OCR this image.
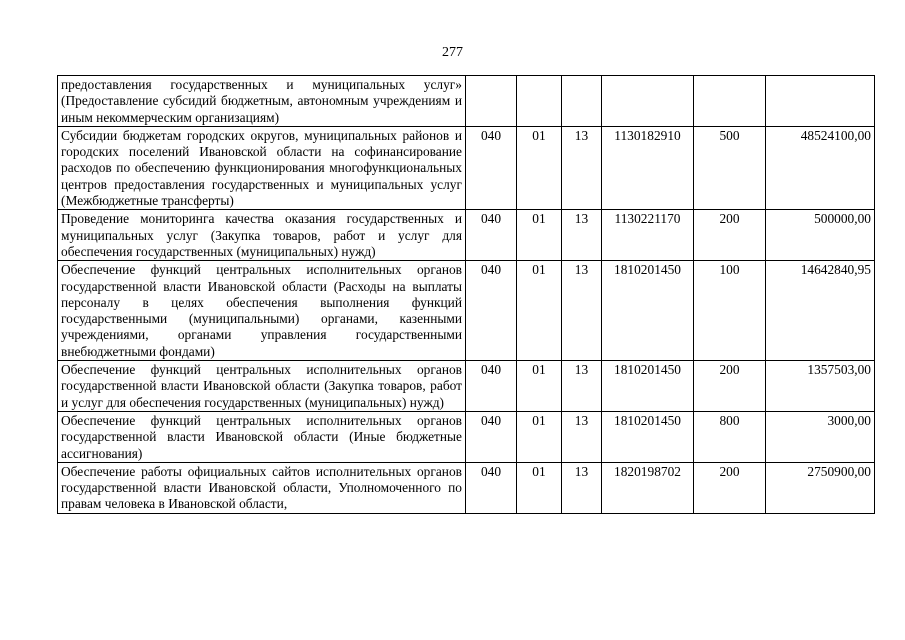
277
предоставления государственных и муниципальных услуг» (Предоставление субсидий бюджетным, автономным учреждениям и иным некоммерческим организациям)						
Субсидии бюджетам городских округов, муниципальных районов и городских поселений Ивановской области на софинансирование расходов по обеспечению функционирования многофункциональных центров предоставления государственных и муниципальных услуг (Межбюджетные трансферты)	040	01	13	1130182910	500	48524100,00
Проведение мониторинга качества оказания государственных и муниципальных услуг (Закупка товаров, работ и услуг для обеспечения государственных (муниципальных) нужд)	040	01	13	1130221170	200	500000,00
Обеспечение функций центральных исполнительных органов государственной власти Ивановской области (Расходы на выплаты персоналу в целях обеспечения выполнения функций государственными (муниципальными) органами, казенными учреждениями, органами управления государственными внебюджетными фондами)	040	01	13	1810201450	100	14642840,95
Обеспечение функций центральных исполнительных органов государственной власти Ивановской области (Закупка товаров, работ и услуг для обеспечения государственных (муниципальных) нужд)	040	01	13	1810201450	200	1357503,00
Обеспечение функций центральных исполнительных органов государственной власти Ивановской области (Иные бюджетные ассигнования)	040	01	13	1810201450	800	3000,00
Обеспечение работы официальных сайтов исполнительных органов государственной власти Ивановской области, Уполномоченного по правам человека в Ивановской области,	040	01	13	1820198702	200	2750900,00
